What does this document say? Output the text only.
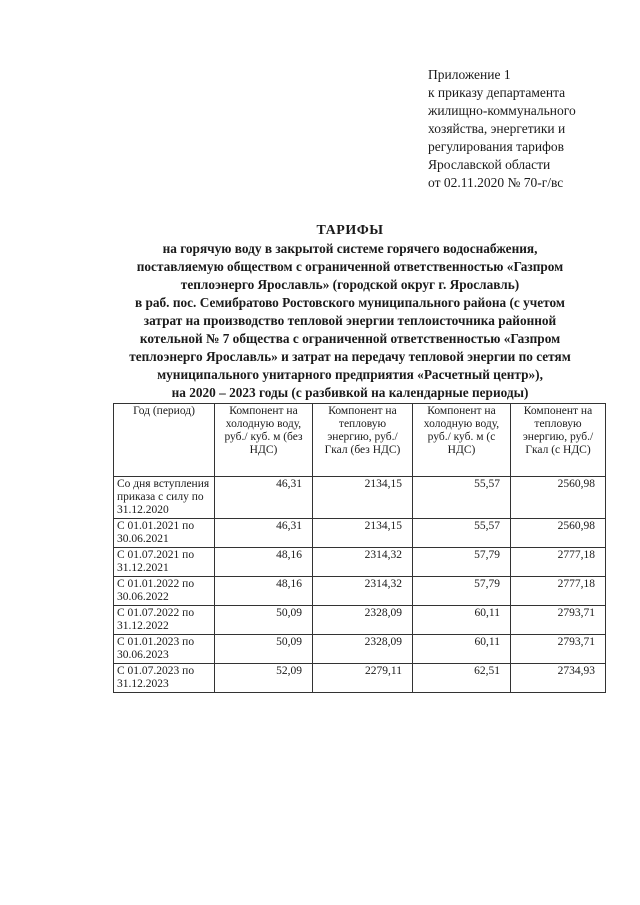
Приложение 1
к приказу департамента
жилищно-коммунального
хозяйства, энергетики и
регулирования тарифов
Ярославской области
от 02.11.2020 № 70-г/вс
ТАРИФЫ
на горячую воду в закрытой системе горячего водоснабжения,
поставляемую обществом с ограниченной ответственностью «Газпром
теплоэнерго Ярославль» (городской округ г. Ярославль)
в раб. пос. Семибратово Ростовского муниципального района (с учетом
затрат на производство тепловой энергии теплоисточника районной
котельной № 7 общества с ограниченной ответственностью «Газпром
теплоэнерго Ярославль» и затрат на передачу тепловой энергии по сетям
муниципального унитарного предприятия «Расчетный центр»),
на 2020 – 2023 годы (с разбивкой на календарные периоды)
Год (период)	Компонент на холодную воду, руб./ куб. м (без НДС)	Компонент на тепловую энергию, руб./Гкал (без НДС)	Компонент на холодную воду, руб./ куб. м (с НДС)	Компонент на тепловую энергию, руб./Гкал (с НДС)
Со дня вступления приказа с силу по 31.12.2020	46,31	2134,15	55,57	2560,98
С 01.01.2021 по 30.06.2021	46,31	2134,15	55,57	2560,98
С 01.07.2021 по 31.12.2021	48,16	2314,32	57,79	2777,18
С 01.01.2022 по 30.06.2022	48,16	2314,32	57,79	2777,18
С 01.07.2022 по 31.12.2022	50,09	2328,09	60,11	2793,71
С 01.01.2023 по 30.06.2023	50,09	2328,09	60,11	2793,71
С 01.07.2023 по 31.12.2023	52,09	2279,11	62,51	2734,93
